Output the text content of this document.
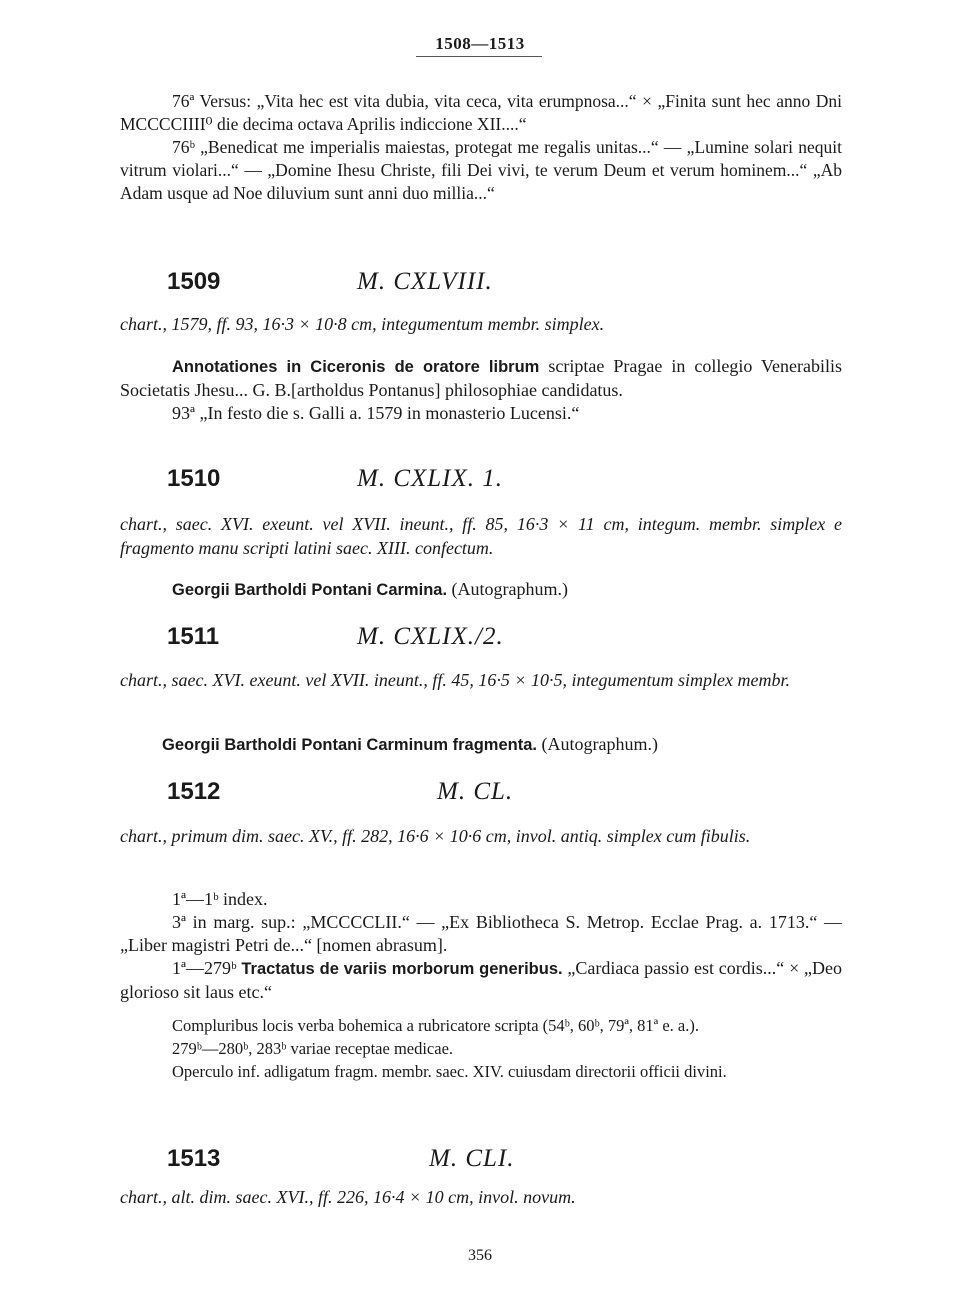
1508—1513

76ª Versus: „Vita hec est vita dubia, vita ceca, vita erumpnosa...“ × „Finita sunt hec anno Dni MCCCCIIII⁰ die decima octava Aprilis indiccione XII....“

76ᵇ „Benedicat me imperialis maiestas, protegat me regalis unitas...“ — „Lumine solari nequit vitrum violari...“ — „Domine Ihesu Christe, fili Dei vivi, te verum Deum et verum hominem...“ „Ab Adam usque ad Noe diluvium sunt anni duo millia...“

1509	M. CXLVIII.

chart., 1579, ff. 93, 16·3 × 10·8 cm, integumentum membr. simplex.

Annotationes in Ciceronis de oratore librum scriptae Pragae in collegio Venerabilis Societatis Jhesu... G. B.[artholdus Pontanus] philosophiae candidatus.

93ª „In festo die s. Galli a. 1579 in monasterio Lucensi.“

1510	M. CXLIX. 1.

chart., saec. XVI. exeunt. vel XVII. ineunt., ff. 85, 16·3 × 11 cm, integum. membr. simplex e fragmento manu scripti latini saec. XIII. confectum.

Georgii Bartholdi Pontani Carmina. (Autographum.)

1511	M. CXLIX./2.

chart., saec. XVI. exeunt. vel XVII. ineunt., ff. 45, 16·5 × 10·5, integumentum simplex membr.

Georgii Bartholdi Pontani Carminum fragmenta. (Autographum.)

1512	M. CL.

chart., primum dim. saec. XV., ff. 282, 16·6 × 10·6 cm, invol. antiq. simplex cum fibulis.

1ª—1ᵇ index.

3ª in marg. sup.: „MCCCCLII.“ — „Ex Bibliotheca S. Metrop. Ecclae Prag. a. 1713.“ — „Liber magistri Petri de...“ [nomen abrasum].

1ª—279ᵇ Tractatus de variis morborum generibus. „Cardiaca passio est cordis...“ × „Deo glorioso sit laus etc.“

Compluribus locis verba bohemica a rubricatore scripta (54ᵇ, 60ᵇ, 79ª, 81ª e. a.).

279ᵇ—280ᵇ, 283ᵇ variae receptae medicae.

Operculo inf. adligatum fragm. membr. saec. XIV. cuiusdam directorii officii divini.

1513	M. CLI.

chart., alt. dim. saec. XVI., ff. 226, 16·4 × 10 cm, invol. novum.

356
